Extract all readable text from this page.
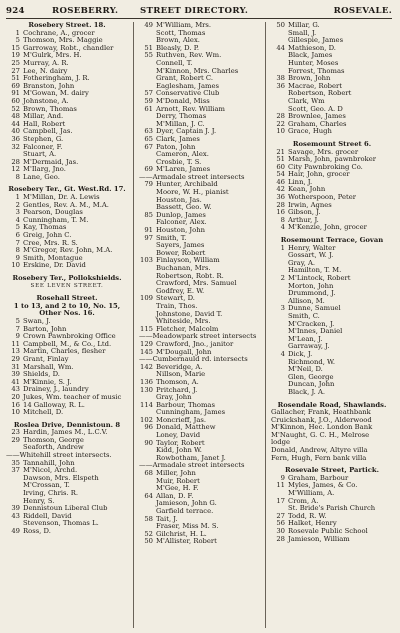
924	ROSEBERRY.	STREET DIRECTORY.	ROSEVALE.
Rosebery Street. 18.
1 Cochrane, A., grocer
5 Thomson, Mrs. Maggie
15 Garroway, Robt., chandler
19 M'Gulrk, Mrs. H.
25 Murray, A. R.
27 Lee, N. dairy
51 Fotheringham, J. R.
69 Branston, John
91 M'Gowan, M. dairy
60 Johnstone, A.
52 Brown, Thomas
48 Millar, And.
44 Hall, Robert
40 Campbell, Jas.
36 Stephen, G.
32 Falconer, F.
Stuart, A.
28 M'Dermaid, Jas.
12 M'Ilarg, Jno.
8 Lane, Geo.
Rosebery Ter., Gt. West.Rd. 17.
1 M'Millan, Dr. A. Lewis
2 Gentles, Rev. A. M., M.A.
3 Pearson, Douglas
4 Cunningham, T. M.
5 Kay, Thomas
6 Greig, John C.
7 Cree, Mrs. R. S.
8 M'Gregor, Rev. John, M.A.
9 Smith, Montague
10 Erskine, Dr. David
Rosebery Ter., Pollokshields.
SEE LEVEN STREET.
Rosehall Street.
1 to 13, and 2 to 10, No. 15,
Other Nos. 16.
5 Swan, J.
7 Barton, John
9 Crown Pawnbroking Office
11 Campbell, M., & Co., Ltd.
13 Martin, Charles, flesher
29 Grant, Finlay
31 Marshall, Wm.
39 Shields, D.
41 M'Kinnie, S. J.
43 Drainey, J., laundry
20 Jukes, Wm. teacher of music
16 14 Galloway, R. L.
10 Mitchell, D.
Roslea Drive, Dennistoun. 8
23 Hardin, James M., L.C.V.
29 Thomson, George
Seaforth, Andrew
—— Whitehill street intersects.
35 Tannahill, John
37 M'Nicol, Archd.
Dawson, Mrs. Elspeth
M'Crossan, T.
Irving, Chris. R.
Henry, S.
39 Dennistoun Liberal Club
43 Riddell, David
Stevenson, Thomas L.
49 Ross, D.
49 M'William, Mrs.
Scott, Thomas
Brown, Alex.
51 Bleasly, D. P.
55 Ruthven, Rev. Wm.
Connell, T.
M'Kinnon, Mrs. Charles
Grant, Robert C.
Eaglesham, James
57 Conservative Club
59 M'Donald, Miss
61 Arnott, Rev. William
Derry, Thomas
M'Millan, J. C.
63 Dyer, Captain J. J.
65 Clark, James
67 Paton, John
Cameron, Alex.
Crosbie, T. S.
69 M'Laren, James
—— Armadale street intersects
79 Hunter, Archibald
Moore, W. H., pianist
Houston, Jas.
Bassett, Geo. W.
85 Dunlop, James
Falconer, Alex.
91 Houston, John
97 Smith, T.
Sayers, James
Bower, Robert
103 Finlayson, William
Buchanan, Mrs.
Robertson, Robt. R.
Crawford, Mrs. Samuel
Godfrey, E. W.
109 Stewart, D.
Train, Thos.
Johnstone, David T.
Whiteside, Mrs.
115 Fletcher, Malcolm
—— Meadowpark street intersects
129 Crawford, Jno., janitor
145 M'Dougall, John
—— Cumbernauld rd. intersects
142 Beveridge, A.
Nillson, Marie
136 Thomson, A.
130 Pritchard, J.
Gray, John
114 Barbour, Thomas
Cunningham, James
102 Moncrieff, Jas.
96 Donald, Matthew
Loney, David
90 Taylor, Robert
Kidd, John W.
Rowbotham, Janet J.
—— Armadale street intersects
68 Miller, John
Muir, Robert
M'Gee, H. F.
64 Allan, D. F.
Jamieson, John G.
Garfield terrace.
58 Tait, J.
Fraser, Miss M. S.
52 Gilchrist, H. L.
50 M'Allister, Robert
50 Millar, G.
Small, J.
Gillespie, James
44 Mathieson, D.
Black, James
Hunter, Moses
Forrest, Thomas
38 Brown, John
36 Macrae, Robert
Robertson, Robert
Clark, Wm
Scott, Geo. A. D
28 Brownlee, James
22 Graham, Charles
10 Grace, Hugh
Rosemount Street 6.
21 Savage, Mrs. grocer
51 Marsh, John, pawnbroker
60 City Pawnbroking Co.
54 Hair, John, grocer
46 Linn, J.
42 Kean, John
36 Wotherspoon, Peter
28 Irwin, Agnes
16 Gibson, J.
8 Arthur, J.
4 M'Kenzie, John, grocer
Rosemount Terrace, Govan
1 Henry, Walter
Gossart, W. J.
Gray, A.
Hamilton, T. M.
2 M'Lintock, Robert
Morton, John
Drummond, J.
Allison, M.
3 Dunne, Samuel
Smith, C.
M'Cracken, J.
M'Innes, Daniel
M'Lean, J.
Garraway, J.
4 Dick, J.
Richmond, W.
M'Neil, D.
Glen, George
Duncan, John
Black, J. A.
Rosendale Road, Shawlands.
Gallacher, Frank, Heathbank
Cruickshank, J.O., Alderwood
M'Kinnon, Hec. London Bank
M'Naught, G. C. H., Melrose
lodge
Donald, Andrew, Altyre villa
Fern, Hugh, Fern bank villa
Rosevale Street, Partick.
9 Graham, Barbour
11 Myles, James, & Co.
M'William, A.
17 Crom, A.
St. Bride's Parish Church
27 Todd, R. W.
56 Halket, Henry
30 Rosevale Public School
28 Jamieson, William
